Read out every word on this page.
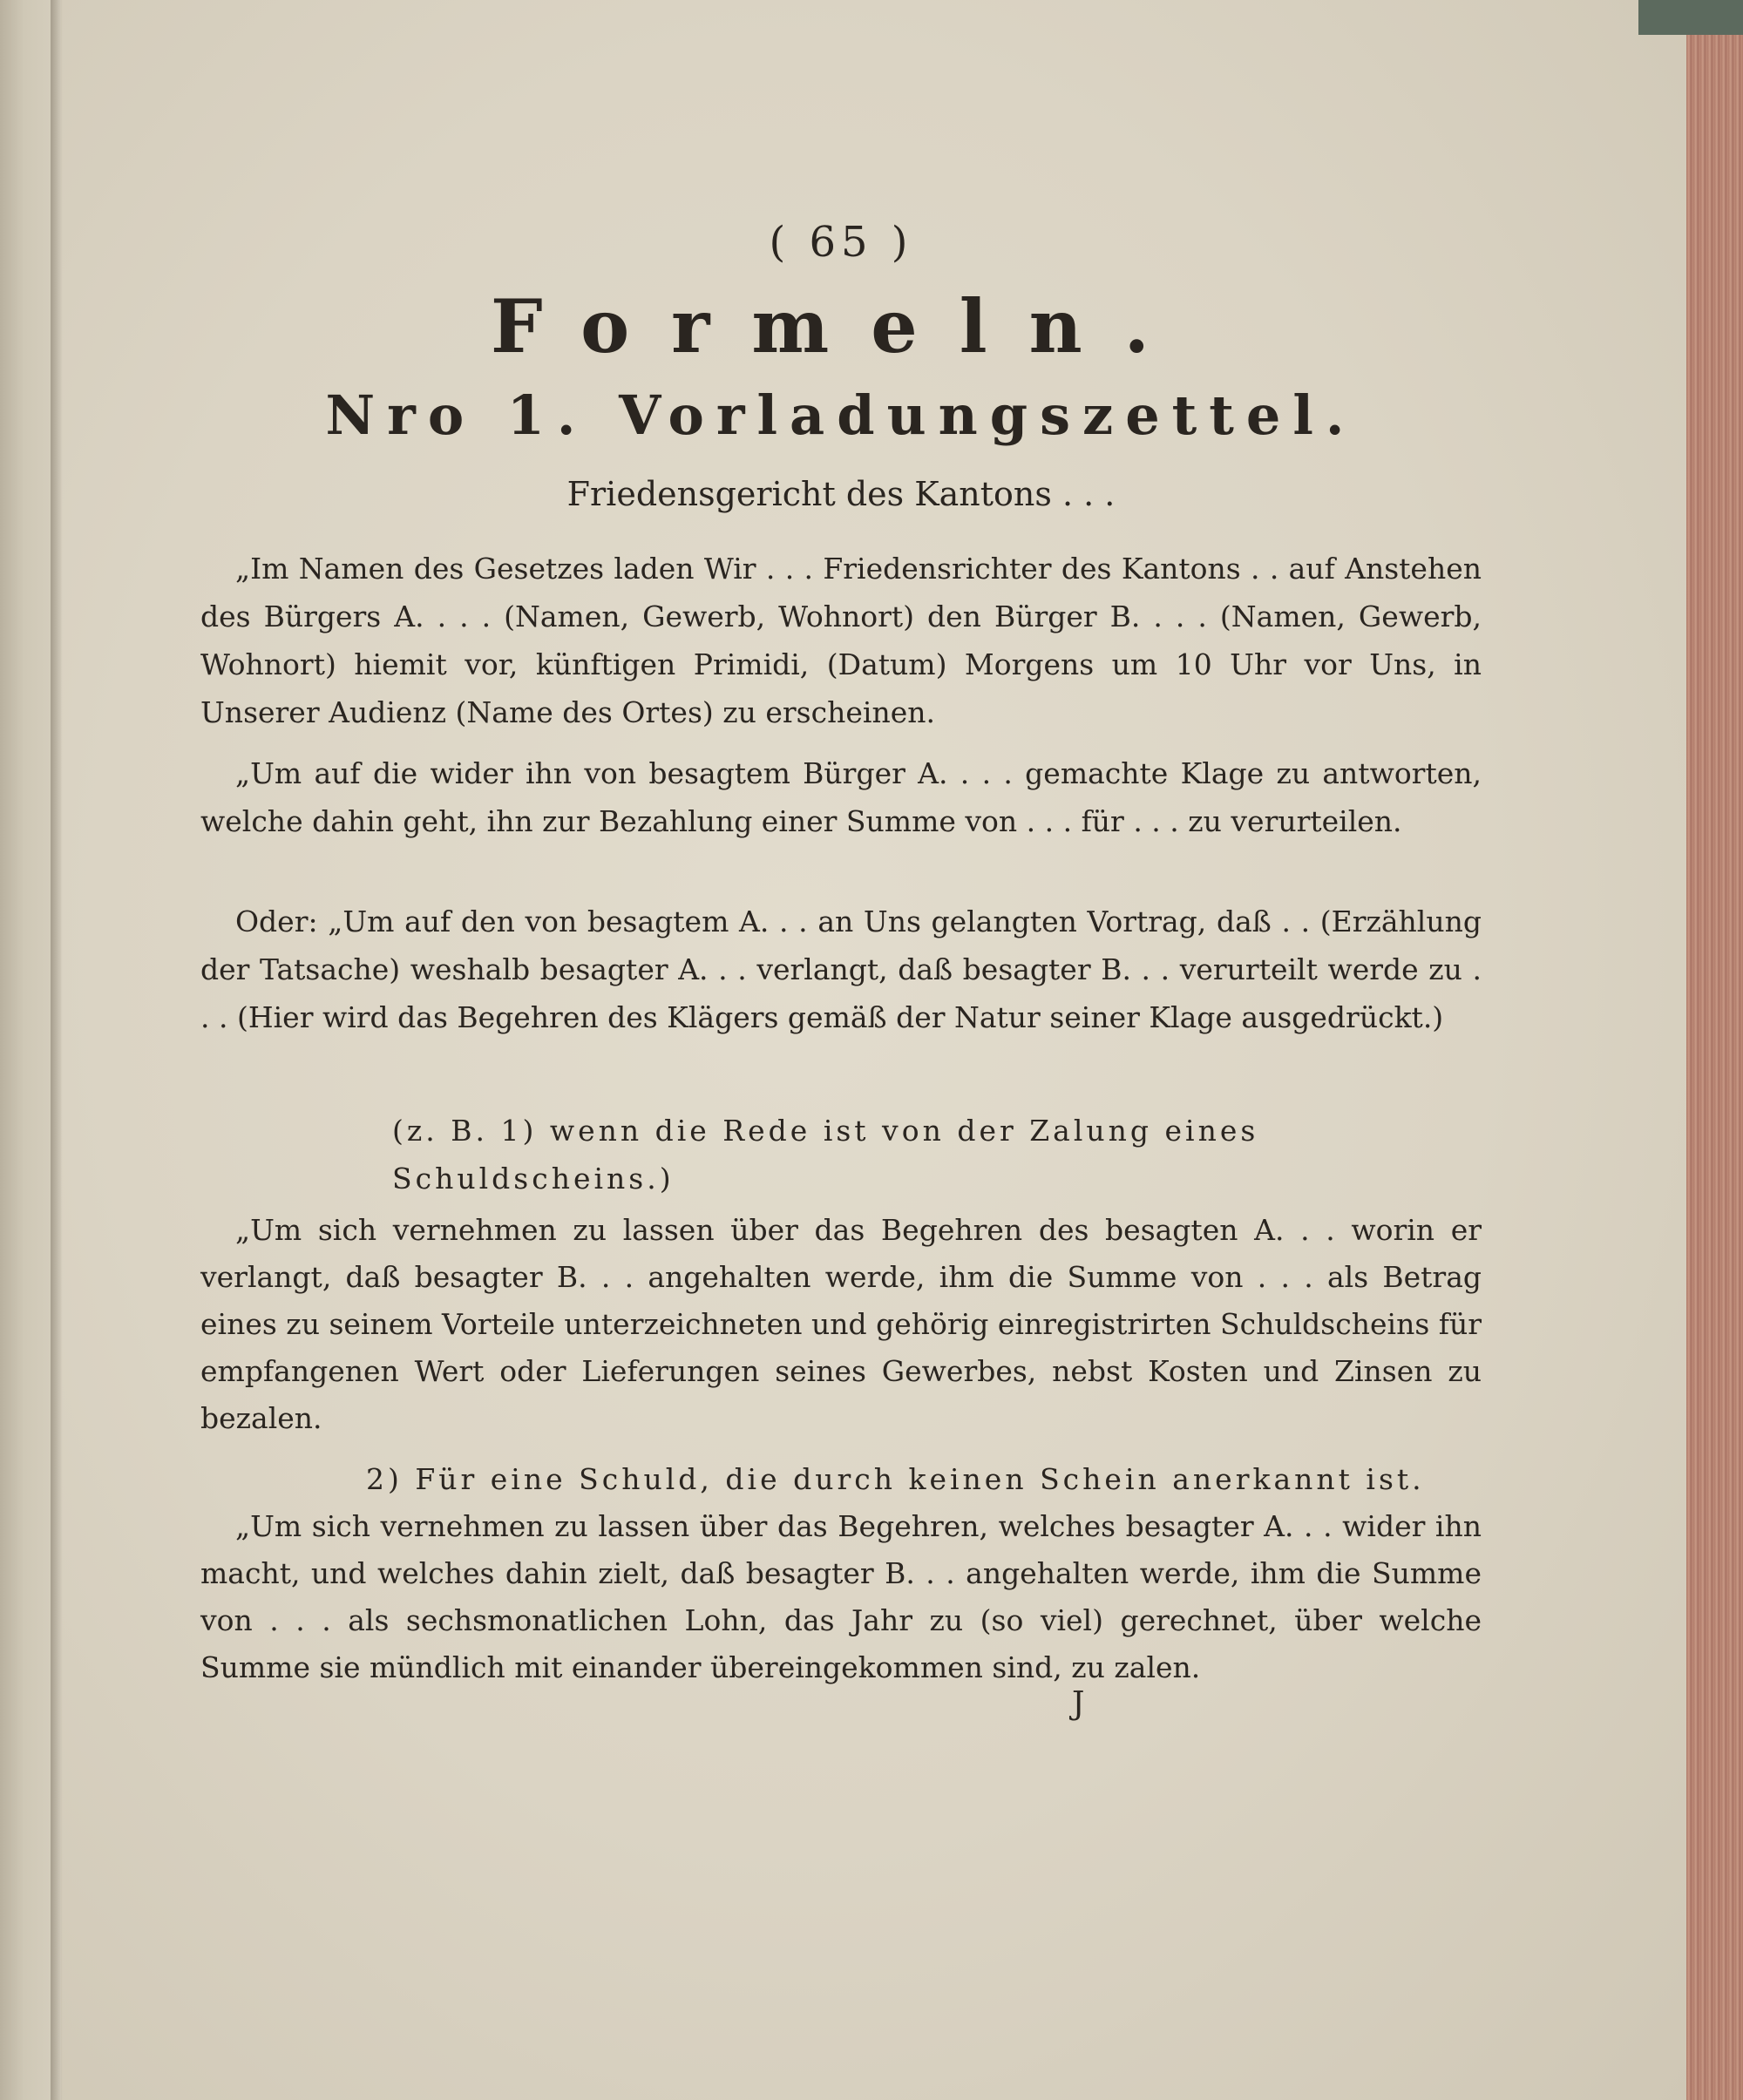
( 65 )
Formeln.
Nro 1. Vorladungszettel.
Friedensgericht des Kantons . . .

„Im Namen des Gesetzes laden Wir . . . Friedensrichter des Kantons . . auf Anstehen des Bürgers A. . . . (Namen, Gewerb, Wohnort) den Bürger B. . . . (Namen, Gewerb, Wohnort) hiemit vor, künftigen Primidi, (Datum) Morgens um 10 Uhr vor Uns, in Unserer Audienz (Name des Ortes) zu erscheinen.

„Um auf die wider ihn von besagtem Bürger A. . . . gemachte Klage zu antworten, welche dahin geht, ihn zur Bezahlung einer Summe von . . . für . . . zu verurteilen.

Oder: „Um auf den von besagtem A. . . an Uns gelangten Vortrag, daß . . (Erzählung der Tatsache) weshalb besagter A. . . verlangt, daß besagter B. . . verurteilt werde zu . . . (Hier wird das Begehren des Klägers gemäß der Natur seiner Klage ausgedrückt.)

(z. B. 1) wenn die Rede ist von der Zalung eines Schuldscheins.)

„Um sich vernehmen zu lassen über das Begehren des besagten A. . . worin er verlangt, daß besagter B. . . angehalten werde, ihm die Summe von . . . als Betrag eines zu seinem Vorteile unterzeichneten und gehörig einregistrirten Schuldscheins für empfangenen Wert oder Lieferungen seines Gewerbes, nebst Kosten und Zinsen zu bezalen.

2) Für eine Schuld, die durch keinen Schein anerkannt ist.

„Um sich vernehmen zu lassen über das Begehren, welches besagter A. . . wider ihn macht, und welches dahin zielt, daß besagter B. . . angehalten werde, ihm die Summe von . . . als sechsmonatlichen Lohn, das Jahr zu (so viel) gerechnet, über welche Summe sie mündlich mit einander übereingekommen sind, zu zalen.

J
